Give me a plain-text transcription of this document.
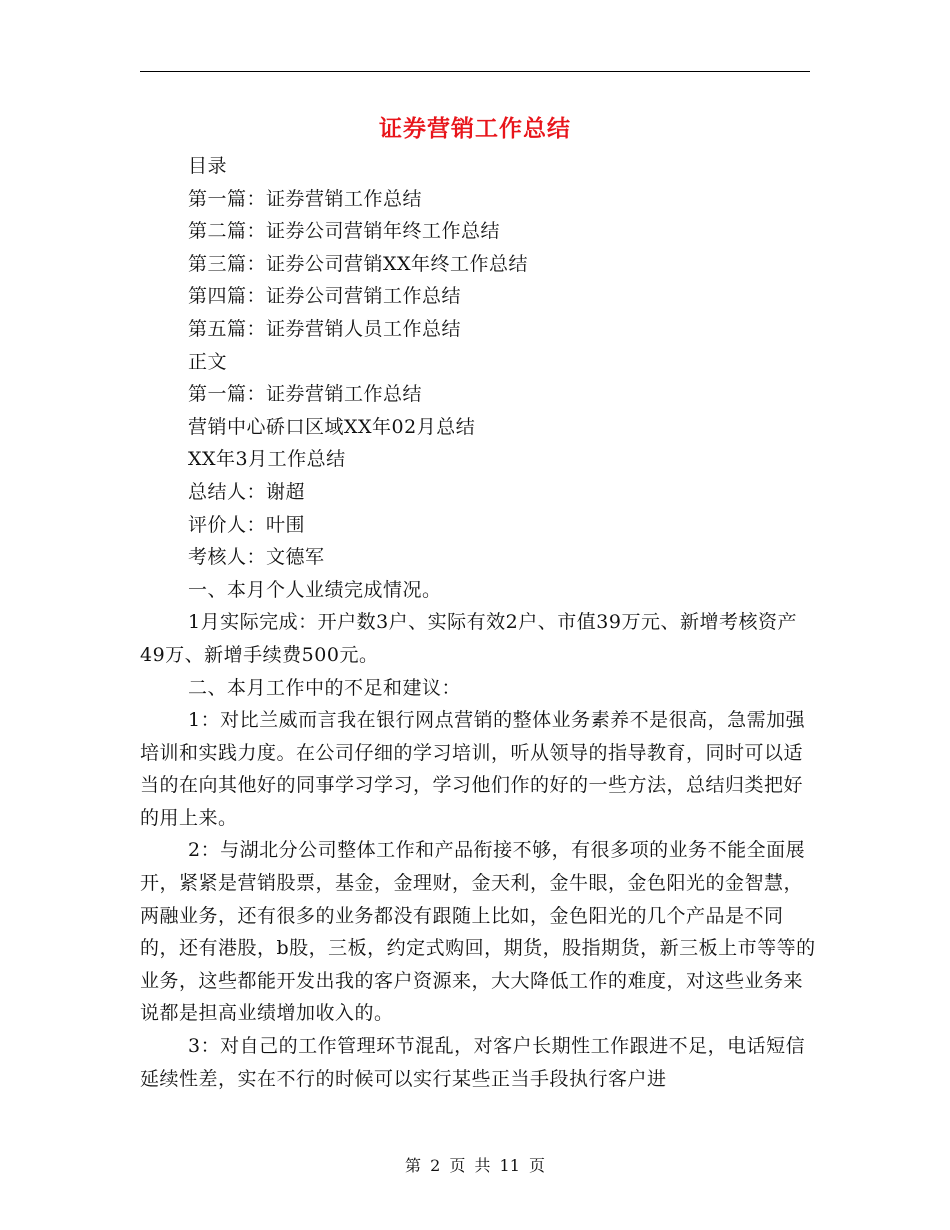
证券营销工作总结

目录

第一篇：证券营销工作总结

第二篇：证券公司营销年终工作总结

第三篇：证券公司营销XX年终工作总结

第四篇：证券公司营销工作总结

第五篇：证券营销人员工作总结

正文

第一篇：证券营销工作总结

营销中心硚口区域XX年02月总结

XX年3月工作总结

总结人：谢超

评价人：叶围

考核人：文德军

一、本月个人业绩完成情况。

1月实际完成：开户数3户、实际有效2户、市值39万元、新增考核资产49万、新增手续费500元。

二、本月工作中的不足和建议：

1：对比兰威而言我在银行网点营销的整体业务素养不是很高，急需加强培训和实践力度。在公司仔细的学习培训，听从领导的指导教育，同时可以适当的在向其他好的同事学习学习，学习他们作的好的一些方法，总结归类把好的用上来。

2：与湖北分公司整体工作和产品衔接不够，有很多项的业务不能全面展开，紧紧是营销股票，基金，金理财，金天利，金牛眼，金色阳光的金智慧，两融业务，还有很多的业务都没有跟随上比如，金色阳光的几个产品是不同的，还有港股，b股，三板，约定式购回，期货，股指期货，新三板上市等等的业务，这些都能开发出我的客户资源来，大大降低工作的难度，对这些业务来说都是担高业绩增加收入的。

3：对自己的工作管理环节混乱，对客户长期性工作跟进不足，电话短信延续性差，实在不行的时候可以实行某些正当手段执行客户进

第 2 页 共 11 页
